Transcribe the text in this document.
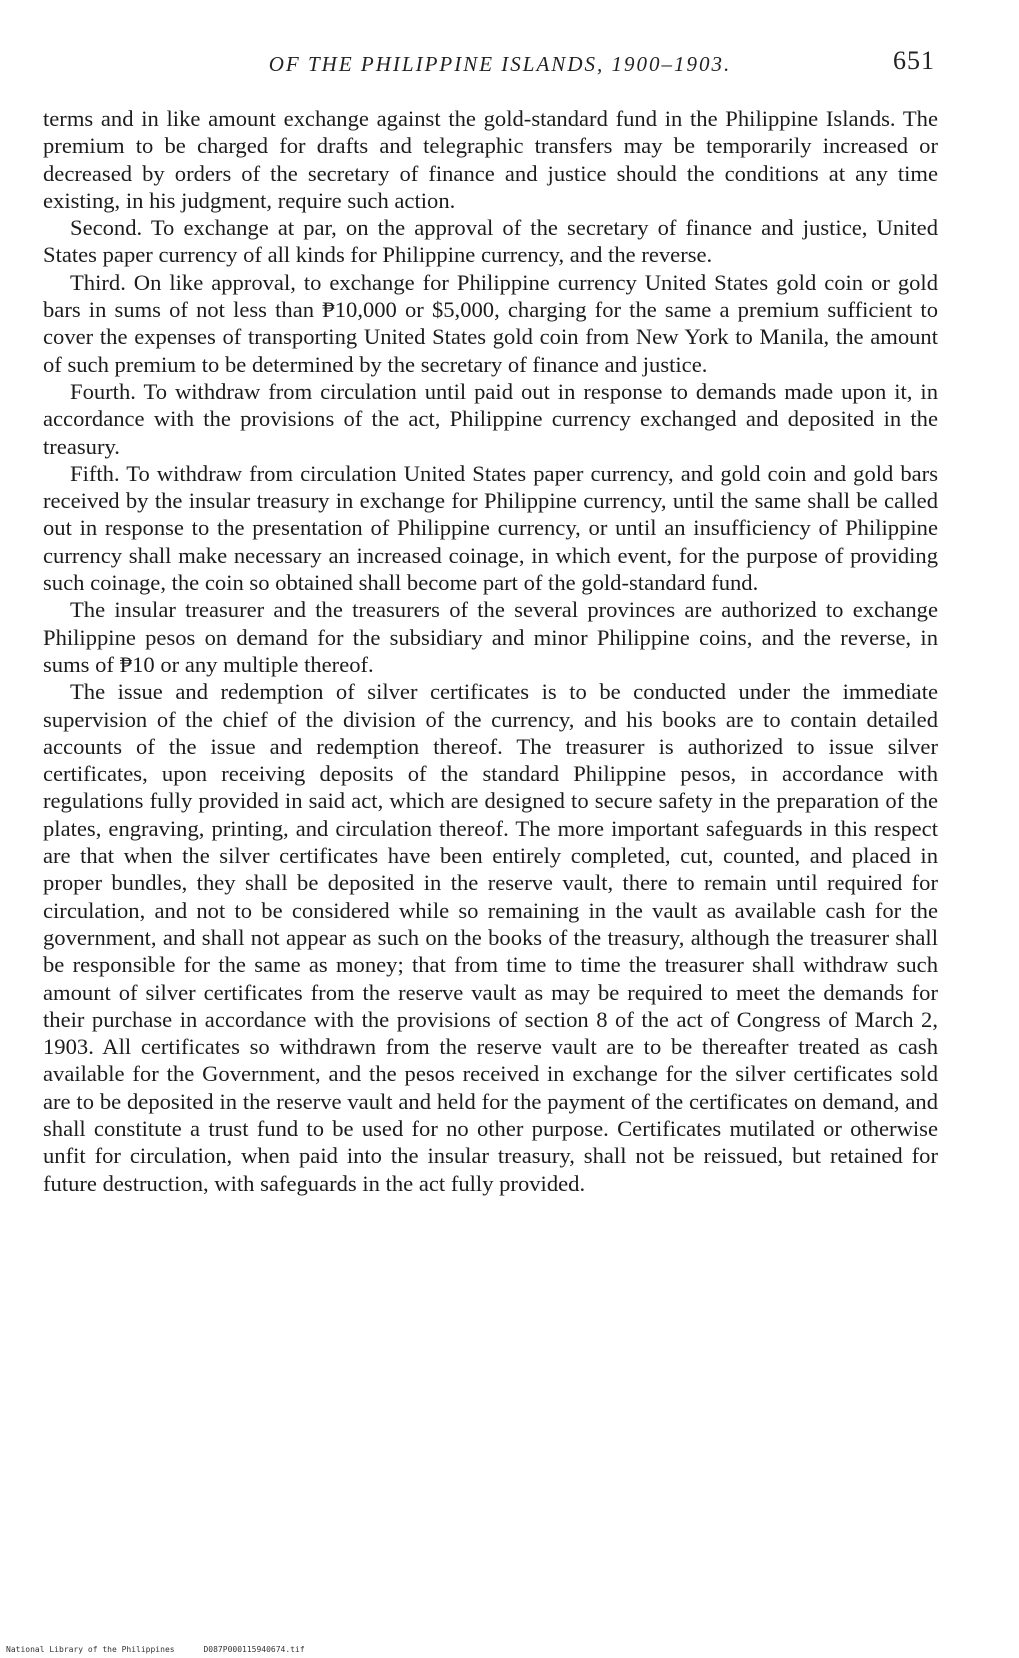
OF THE PHILIPPINE ISLANDS, 1900–1903.	651

terms and in like amount exchange against the gold-standard fund in the Philippine Islands. The premium to be charged for drafts and telegraphic transfers may be temporarily increased or decreased by orders of the secretary of finance and justice should the conditions at any time existing, in his judgment, require such action.

Second. To exchange at par, on the approval of the secretary of finance and justice, United States paper currency of all kinds for Philippine currency, and the reverse.

Third. On like approval, to exchange for Philippine currency United States gold coin or gold bars in sums of not less than ₱10,000 or $5,000, charging for the same a premium sufficient to cover the expenses of transporting United States gold coin from New York to Manila, the amount of such premium to be determined by the secretary of finance and justice.

Fourth. To withdraw from circulation until paid out in response to demands made upon it, in accordance with the provisions of the act, Philippine currency exchanged and deposited in the treasury.

Fifth. To withdraw from circulation United States paper currency, and gold coin and gold bars received by the insular treasury in exchange for Philippine currency, until the same shall be called out in response to the presentation of Philippine currency, or until an insufficiency of Philippine currency shall make necessary an increased coinage, in which event, for the purpose of providing such coinage, the coin so obtained shall become part of the gold-standard fund.

The insular treasurer and the treasurers of the several provinces are authorized to exchange Philippine pesos on demand for the subsidiary and minor Philippine coins, and the reverse, in sums of ₱10 or any multiple thereof.

The issue and redemption of silver certificates is to be conducted under the immediate supervision of the chief of the division of the currency, and his books are to contain detailed accounts of the issue and redemption thereof. The treasurer is authorized to issue silver certificates, upon receiving deposits of the standard Philippine pesos, in accordance with regulations fully provided in said act, which are designed to secure safety in the preparation of the plates, engraving, printing, and circulation thereof. The more important safeguards in this respect are that when the silver certificates have been entirely completed, cut, counted, and placed in proper bundles, they shall be deposited in the reserve vault, there to remain until required for circulation, and not to be considered while so remaining in the vault as available cash for the government, and shall not appear as such on the books of the treasury, although the treasurer shall be responsible for the same as money; that from time to time the treasurer shall withdraw such amount of silver certificates from the reserve vault as may be required to meet the demands for their purchase in accordance with the provisions of section 8 of the act of Congress of March 2, 1903. All certificates so withdrawn from the reserve vault are to be thereafter treated as cash available for the Government, and the pesos received in exchange for the silver certificates sold are to be deposited in the reserve vault and held for the payment of the certificates on demand, and shall constitute a trust fund to be used for no other purpose. Certificates mutilated or otherwise unfit for circulation, when paid into the insular treasury, shall not be reissued, but retained for future destruction, with safeguards in the act fully provided.

National Library of the Philippines	D087P000115940674.tif
